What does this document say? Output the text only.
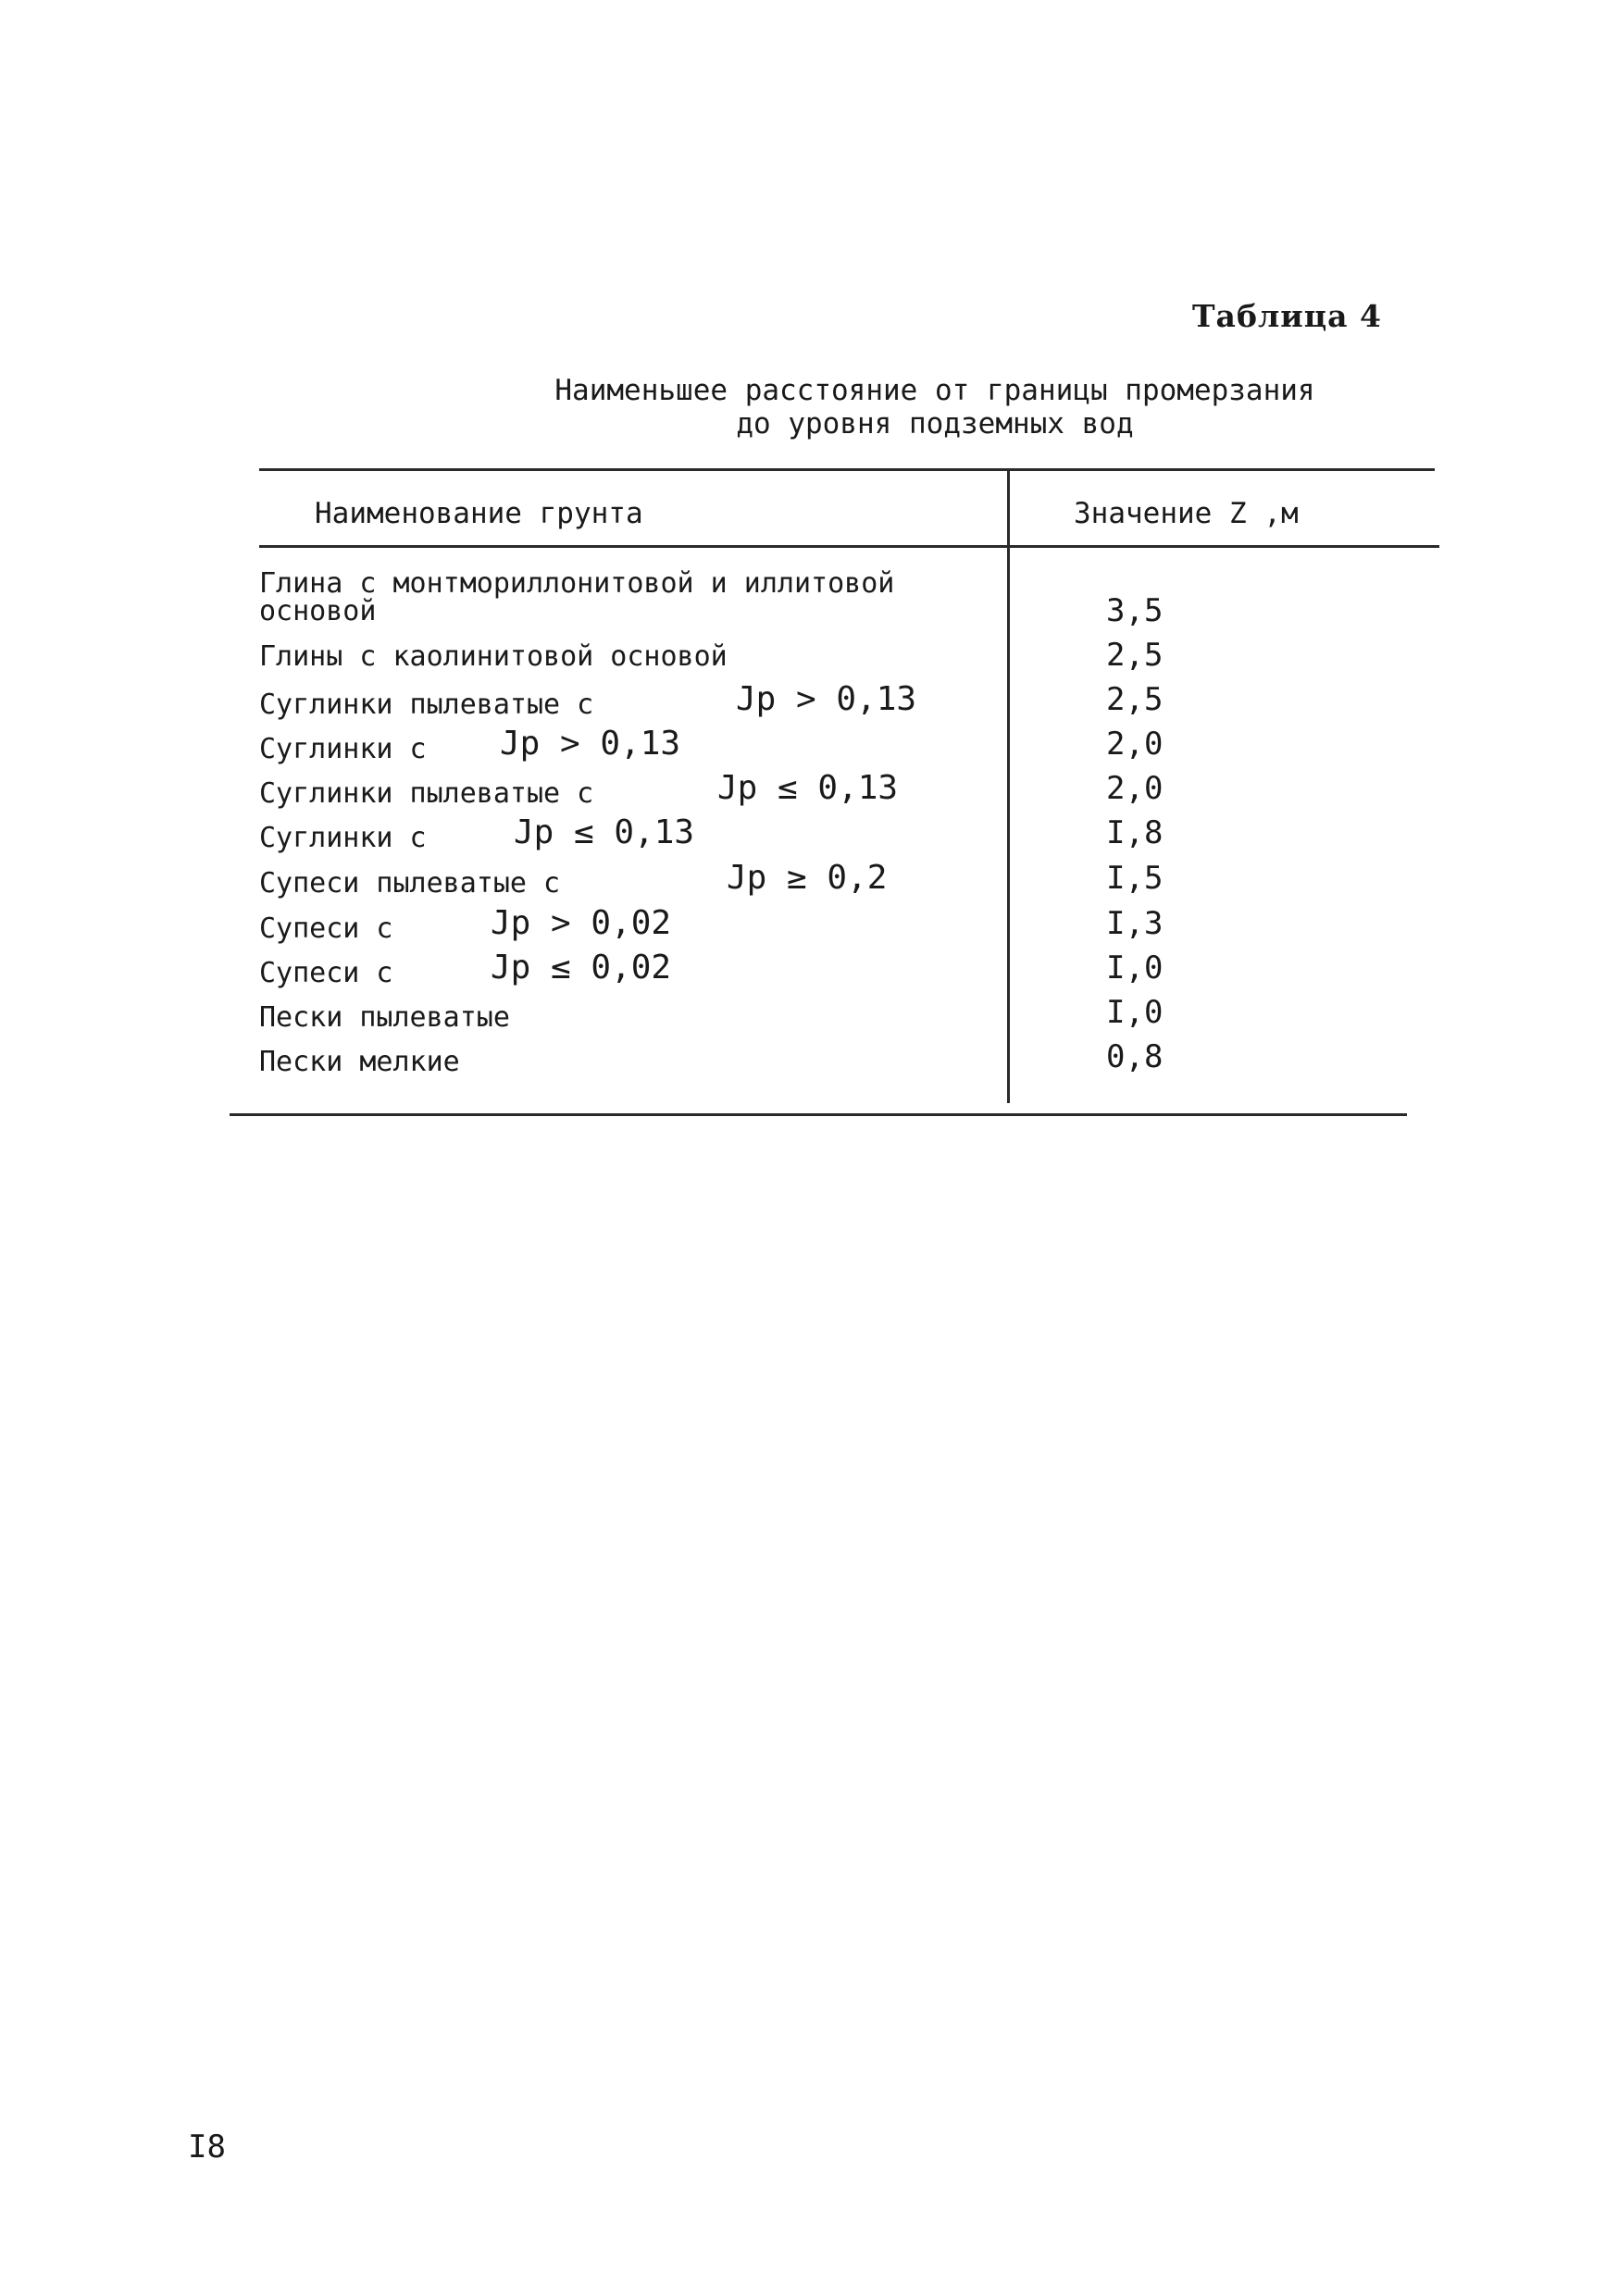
Таблица 4
Наименьшее расстояние от границы промерзания
до уровня подземных вод
Наименование грунта	Значение Z ,м
Глина с монтмориллонитовой и иллитовой
основой	3,5
Глины с каолинитовой основой	2,5
Суглинки пылеватые с	Jp > 0,13	2,5
Суглинки с Jp > 0,13	2,0
Суглинки пылеватые с	Jp ≤ 0,13	2,0
Суглинки с	Jp ≤ 0,13	I,8
Супеси пылеватые с	Jp ≥ 0,2	I,5
Супеси с	Jp > 0,02	I,3
Супеси с	Jp ≤ 0,02	I,0
Пески пылеватые	I,0
Пески мелкие	0,8
I8
